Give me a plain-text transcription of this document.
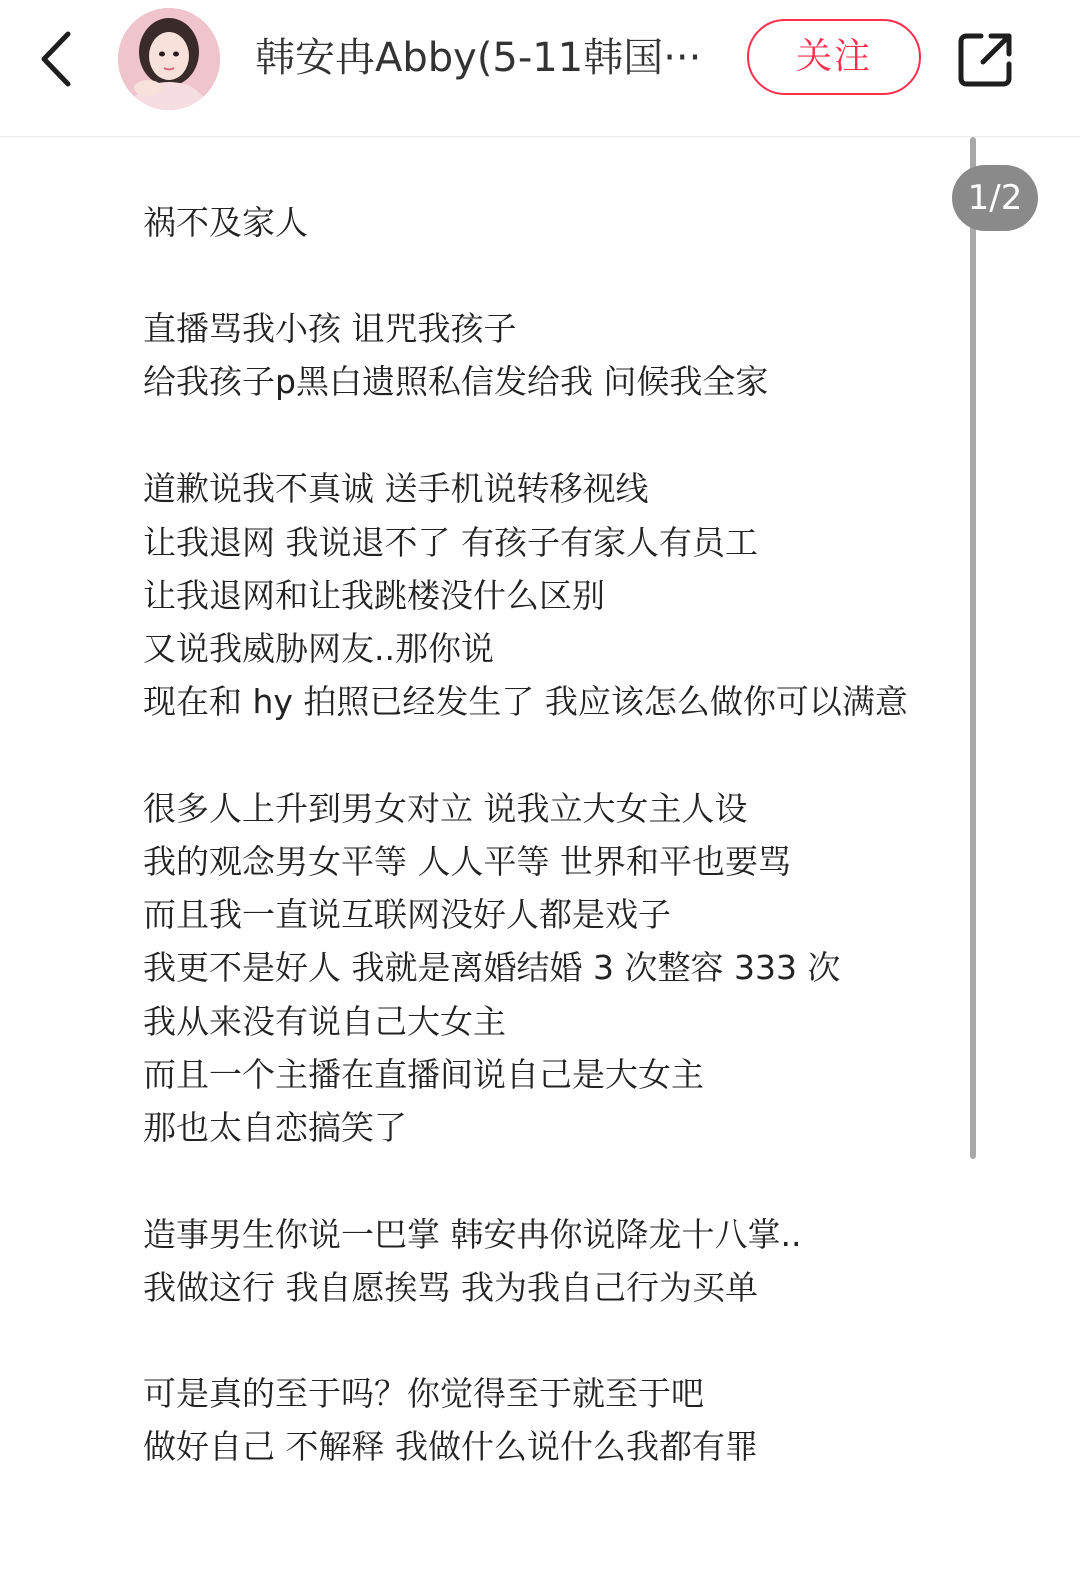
韩安冉Abby(5-11韩国···	关注
1/2
祸不及家人
直播骂我小孩 诅咒我孩子
给我孩子p黑白遗照私信发给我 问候我全家
道歉说我不真诚 送手机说转移视线
让我退网 我说退不了 有孩子有家人有员工
让我退网和让我跳楼没什么区别
又说我威胁网友..那你说
现在和 hy 拍照已经发生了 我应该怎么做你可以满意
很多人上升到男女对立 说我立大女主人设
我的观念男女平等 人人平等 世界和平也要骂
而且我一直说互联网没好人都是戏子
我更不是好人 我就是离婚结婚 3 次整容 333 次
我从来没有说自己大女主
而且一个主播在直播间说自己是大女主
那也太自恋搞笑了
造事男生你说一巴掌 韩安冉你说降龙十八掌..
我做这行 我自愿挨骂 我为我自己行为买单
可是真的至于吗？你觉得至于就至于吧
做好自己 不解释 我做什么说什么我都有罪
